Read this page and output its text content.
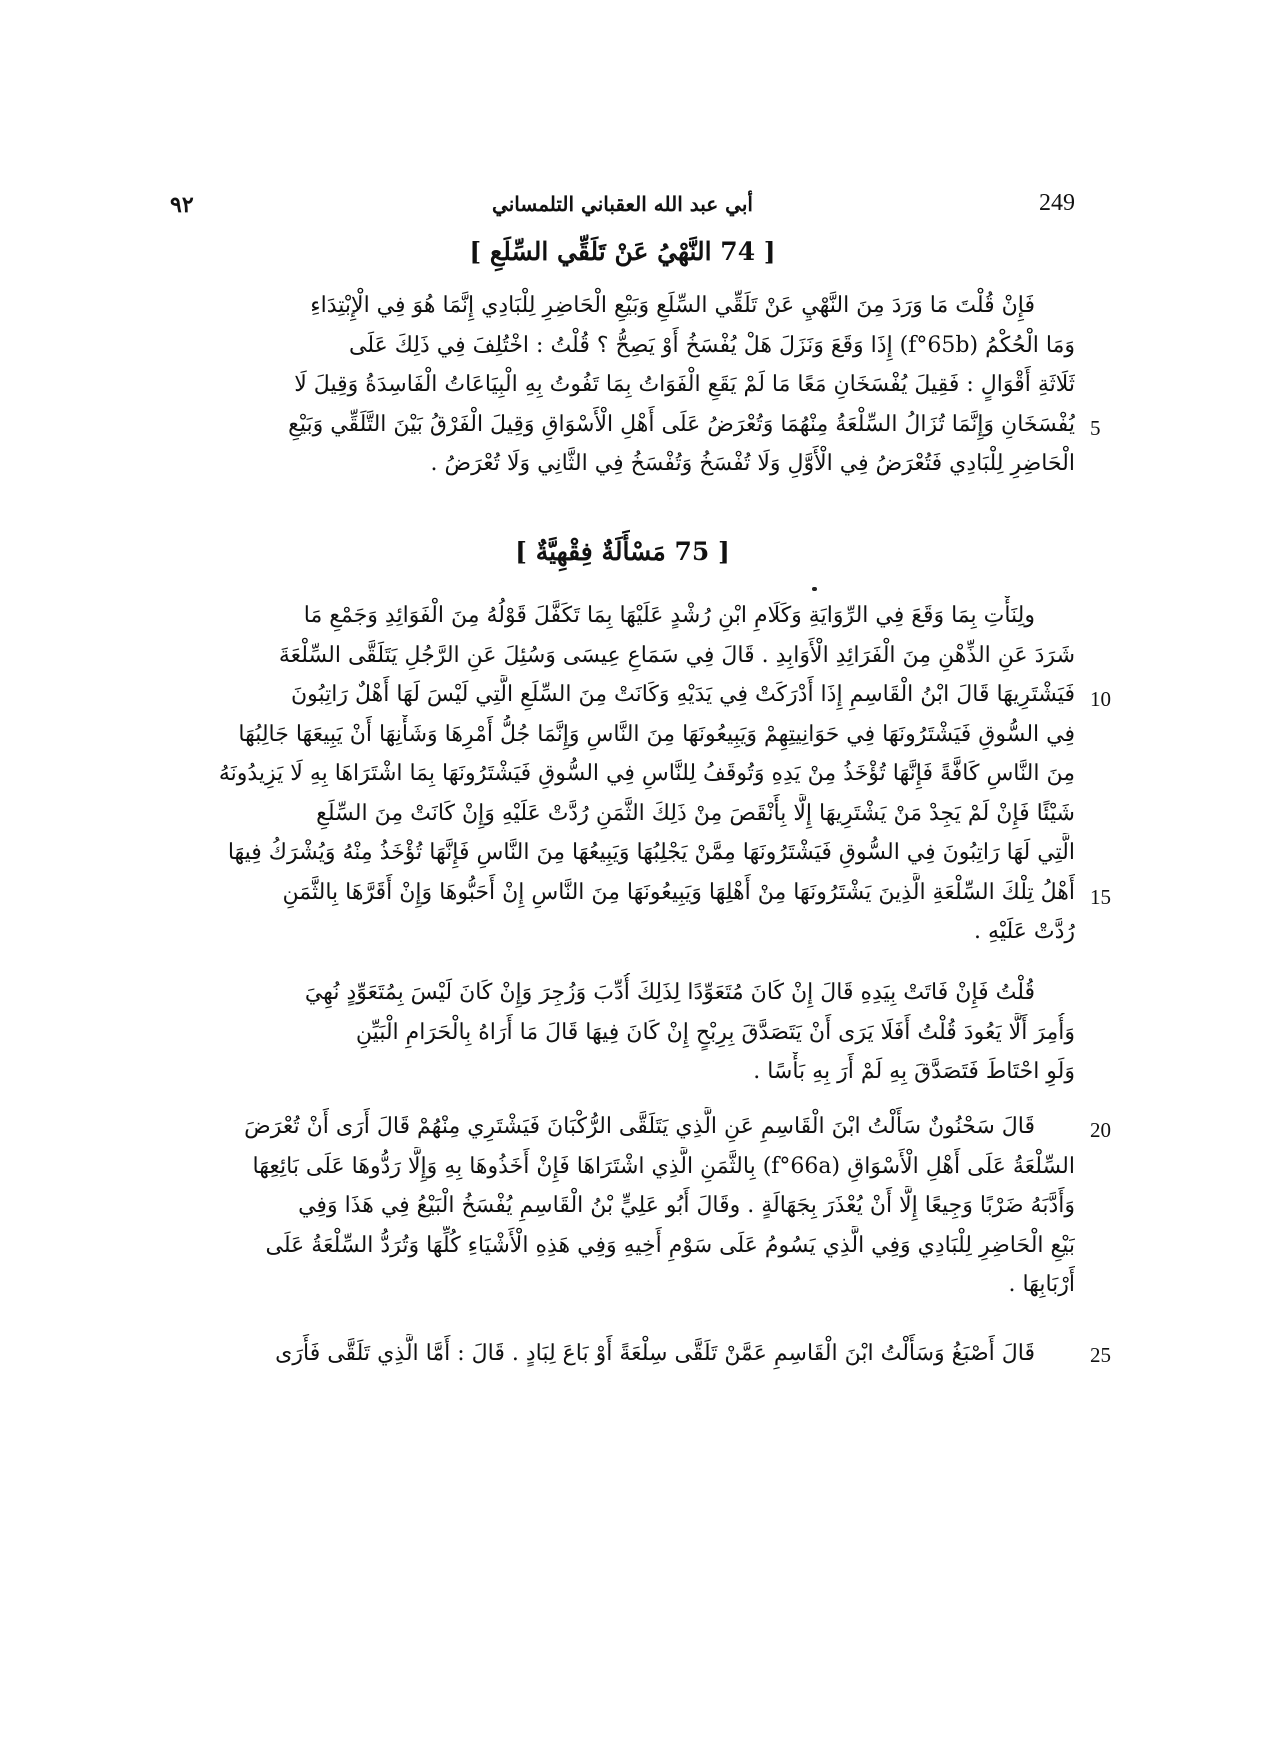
٩٢	أبي عبد الله العقباني التلمساني	249
[ 74 النَّهْيُ عَنْ تَلَقِّي السِّلَعِ ]
فَإِنْ قُلْتَ مَا وَرَدَ مِنَ النَّهْيِ عَنْ تَلَقِّي السِّلَعِ وَبَيْعِ الْحَاضِرِ لِلْبَادِي إِنَّمَا هُوَ فِي الْإِبْتِدَاءِ
وَمَا الْحُكْمُ (f°65b) إِذَا وَقَعَ وَنَزَلَ هَلْ يُفْسَخُ أَوْ يَصِحُّ ؟ قُلْتُ : اخْتُلِفَ فِي ذَلِكَ عَلَى
ثَلَاثَةِ أَقْوَالٍ : فَقِيلَ يُفْسَخَانِ مَعًا مَا لَمْ يَقَعِ الْفَوَاتُ بِمَا تَفُوتُ بِهِ الْبِيَاعَاتُ الْفَاسِدَةُ وَقِيلَ لَا
يُفْسَخَانِ وَإِنَّمَا تُزَالُ السِّلْعَةُ مِنْهُمَا وَتُعْرَضُ عَلَى أَهْلِ الْأَسْوَاقِ وَقِيلَ الْفَرْقُ بَيْنَ التَّلَقِّي وَبَيْعِ
الْحَاضِرِ لِلْبَادِي فَتُعْرَضُ فِي الْأَوَّلِ وَلَا تُفْسَخُ وَتُفْسَخُ فِي الثَّانِي وَلَا تُعْرَضُ .
5
[ 75 مَسْأَلَةٌ فِقْهِيَّةٌ ]
ولِنَأْتِ بِمَا وَقَعَ فِي الرِّوَايَةِ وَكَلَامِ ابْنِ رُشْدٍ عَلَيْهَا بِمَا تَكَفَّلَ قَوْلُهُ مِنَ الْفَوَائِدِ وَجَمْعِ مَا
شَرَدَ عَنِ الذِّهْنِ مِنَ الْفَرَائِدِ الْأَوَابِدِ . قَالَ فِي سَمَاعِ عِيسَى وَسُئِلَ عَنِ الرَّجُلِ يَتَلَقَّى السِّلْعَةَ
فَيَشْتَرِيهَا قَالَ ابْنُ الْقَاسِمِ إِذَا أَدْرَكَتْ فِي يَدَيْهِ وَكَانَتْ مِنَ السِّلَعِ الَّتِي لَيْسَ لَهَا أَهْلٌ رَاتِبُونَ
فِي السُّوقِ فَيَشْتَرُونَهَا فِي حَوَانِيتِهِمْ وَيَبِيعُونَهَا مِنَ النَّاسِ وَإِنَّمَا جُلُّ أَمْرِهَا وَشَأْنِهَا أَنْ يَبِيعَهَا جَالِبُهَا
مِنَ النَّاسِ كَافَّةً فَإِنَّهَا تُؤْخَذُ مِنْ يَدِهِ وَتُوقَفُ لِلنَّاسِ فِي السُّوقِ فَيَشْتَرُونَهَا بِمَا اشْتَرَاهَا بِهِ لَا يَزِيدُونَهُ
شَيْئًا فَإِنْ لَمْ يَجِدْ مَنْ يَشْتَرِيهَا إِلَّا بِأَنْقَصَ مِنْ ذَلِكَ الثَّمَنِ رُدَّتْ عَلَيْهِ وَإِنْ كَانَتْ مِنَ السِّلَعِ
الَّتِي لَهَا رَاتِبُونَ فِي السُّوقِ فَيَشْتَرُونَهَا مِمَّنْ يَجْلِبُهَا وَيَبِيعُهَا مِنَ النَّاسِ فَإِنَّهَا تُؤْخَذُ مِنْهُ وَيُشْرَكُ فِيهَا
أَهْلُ تِلْكَ السِّلْعَةِ الَّذِينَ يَشْتَرُونَهَا مِنْ أَهْلِهَا وَيَبِيعُونَهَا مِنَ النَّاسِ إِنْ أَحَبُّوهَا وَإِنْ أَقَرَّهَا بِالثَّمَنِ
رُدَّتْ عَلَيْهِ .
10
15
قُلْتُ فَإِنْ فَاتَتْ بِيَدِهِ قَالَ إِنْ كَانَ مُتَعَوِّدًا لِذَلِكَ أُدِّبَ وَزُجِرَ وَإِنْ كَانَ لَيْسَ بِمُتَعَوِّدٍ نُهِيَ
وَأُمِرَ أَلَّا يَعُودَ قُلْتُ أَفَلَا يَرَى أَنْ يَتَصَدَّقَ بِرِبْحٍ إِنْ كَانَ فِيهَا قَالَ مَا أَرَاهُ بِالْحَرَامِ الْبَيِّنِ
وَلَوِ احْتَاطَ فَتَصَدَّقَ بِهِ لَمْ أَرَ بِهِ بَأْسًا .
قَالَ سَحْنُونٌ سَأَلْتُ ابْنَ الْقَاسِمِ عَنِ الَّذِي يَتَلَقَّى الرُّكْبَانَ فَيَشْتَرِي مِنْهُمْ قَالَ أَرَى أَنْ تُعْرَضَ
السِّلْعَةُ عَلَى أَهْلِ الْأَسْوَاقِ (f°66a) بِالثَّمَنِ الَّذِي اشْتَرَاهَا فَإِنْ أَخَذُوهَا بِهِ وَإِلَّا رَدُّوهَا عَلَى بَائِعِهَا
وَأَدَّبَهُ ضَرْبًا وَجِيعًا إِلَّا أَنْ يُعْذَرَ بِجَهَالَةٍ . وقَالَ أَبُو عَلِيٍّ بْنُ الْقَاسِمِ يُفْسَخُ الْبَيْعُ فِي هَذَا وَفِي
بَيْعِ الْحَاضِرِ لِلْبَادِي وَفِي الَّذِي يَسُومُ عَلَى سَوْمِ أَخِيهِ وَفِي هَذِهِ الْأَشْيَاءِ كُلِّهَا وَتُرَدُّ السِّلْعَةُ عَلَى
أَرْبَابِهَا .
20
قَالَ أَصْبَغُ وَسَأَلْتُ ابْنَ الْقَاسِمِ عَمَّنْ تَلَقَّى سِلْعَةً أَوْ بَاعَ لِبَادٍ . قَالَ : أَمَّا الَّذِي تَلَقَّى فَأَرَى	25
